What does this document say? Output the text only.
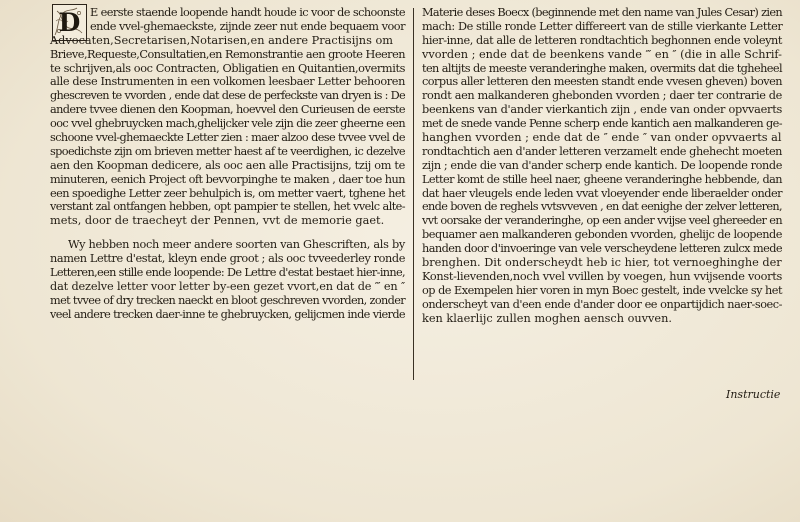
D E eerste staende loopende handt houde ic voor de schoonste
ende vvel-ghemaeckste, zijnde zeer nut ende bequaem voor
Advocaten,Secretarisen,Notarisen,en andere Practisijns om
Brieve,Requeste,Consultatien,en Remonstrantie aen groote Heeren
te schrijven,als ooc Contracten, Obligatien en Quitantien,overmits
alle dese Instrumenten in een volkomen leesbaer Letter behooren
ghescreven te vvorden , ende dat dese de perfeckste van dryen is : De
andere tvvee dienen den Koopman, hoevvel den Curieusen de eerste
ooc vvel ghebruycken mach,ghelijcker vele zijn die zeer gheerne een
schoone vvel-ghemaeckte Letter zien : maer alzoo dese tvvee vvel de
spoedichste zijn om brieven metter haest af te veerdighen, ic dezelve
aen den Koopman dedicere, als ooc aen alle Practisijns, tzij om te
minuteren, eenich Project oft bevvorpinghe te maken , daer toe hun
een spoedighe Letter zeer behulpich is, om metter vaert, tghene het
verstant zal ontfangen hebben, opt pampier te stellen, het vvelc alte-
mets, door de traecheyt der Pennen, vvt de memorie gaet.
Wy hebben noch meer andere soorten van Ghescriften, als by
namen Lettre d'estat, kleyn ende groot ; als ooc tvveederley ronde
Letteren,een stille ende loopende: De Lettre d'estat bestaet hier-inne,
dat dezelve letter voor letter by-een gezet vvort,en dat de ‴ en ″
met tvvee of dry trecken naeckt en bloot geschreven vvorden, zonder
veel andere trecken daer-inne te ghebruycken, gelijcmen inde vierde
Materie deses Boecx (beginnende met den name van Jules Cesar) zien
mach: De stille ronde Letter differeert van de stille vierkante Letter
hier-inne, dat alle de letteren rondtachtich beghonnen ende voleynt
vvorden ; ende dat de beenkens vande ‴ en ″ (die in alle Schrif-
ten altijts de meeste veranderinghe maken, overmits dat die tgheheel
corpus aller letteren den meesten standt ende vvesen gheven) boven
rondt aen malkanderen ghebonden vvorden ; daer ter contrarie de
beenkens van d'ander vierkantich zijn , ende van onder opvvaerts
met de snede vande Penne scherp ende kantich aen malkanderen ge-
hanghen vvorden ; ende dat de ″ ende ″ van onder opvvaerts al
rondtachtich aen d'ander letteren verzamelt ende ghehecht moeten
zijn ; ende die van d'ander scherp ende kantich. De loopende ronde
Letter komt de stille heel naer, gheene veranderinghe hebbende, dan
dat haer vleugels ende leden vvat vloeyender ende liberaelder onder
ende boven de reghels vvtsvveven , en dat eenighe der zelver letteren,
vvt oorsake der veranderinghe, op een ander vvijse veel ghereeder en
bequamer aen malkanderen gebonden vvorden, ghelijc de loopende
handen door d'invoeringe van vele verscheydene letteren zulcx mede
brenghen. Dit onderscheydt heb ic hier, tot vernoeghinghe der
Konst-lievenden,noch vvel vvillen by voegen, hun vvijsende voorts
op de Exempelen hier voren in myn Boec gestelt, inde vvelcke sy het
onderscheyt van d'een ende d'ander door ee onpartijdich naer-soec-
ken klaerlijc zullen moghen aensch ouvven.
Instructie
